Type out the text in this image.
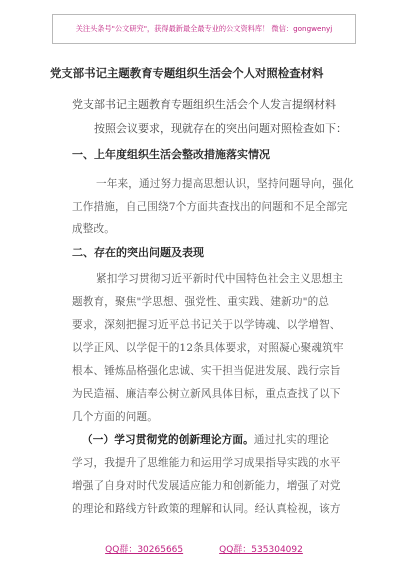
关注头条号"公文研究"，获得最新最全最专业的公文资料库！ 微信：gongwenyj
党支部书记主题教育专题组织生活会个人对照检查材料
党支部书记主题教育专题组织生活会个人发言提纲材料
按照会议要求，现就存在的突出问题对照检查如下：
一、上年度组织生活会整改措施落实情况
一年来，通过努力提高思想认识，坚持问题导向，强化
工作措施，自己围绕7个方面共查找出的问题和不足全部完
成整改。
二、存在的突出问题及表现
紧扣学习贯彻习近平新时代中国特色社会主义思想主
题教育，聚焦"学思想、强党性、重实践、建新功"的总
要求，深刻把握习近平总书记关于以学铸魂、以学增智、
以学正风、以学促干的12条具体要求，对照凝心聚魂筑牢
根本、锤炼品格强化忠诚、实干担当促进发展、践行宗旨
为民造福、廉洁奉公树立新风具体目标，重点查找了以下
几个方面的问题。
（一）学习贯彻党的创新理论方面。通过扎实的理论
学习，我提升了思维能力和运用学习成果指导实践的水平
增强了自身对时代发展适应能力和创新能力，增强了对党
的理论和路线方针政策的理解和认同。经认真检视，该方
QQ群：30265665	QQ群：535304092
